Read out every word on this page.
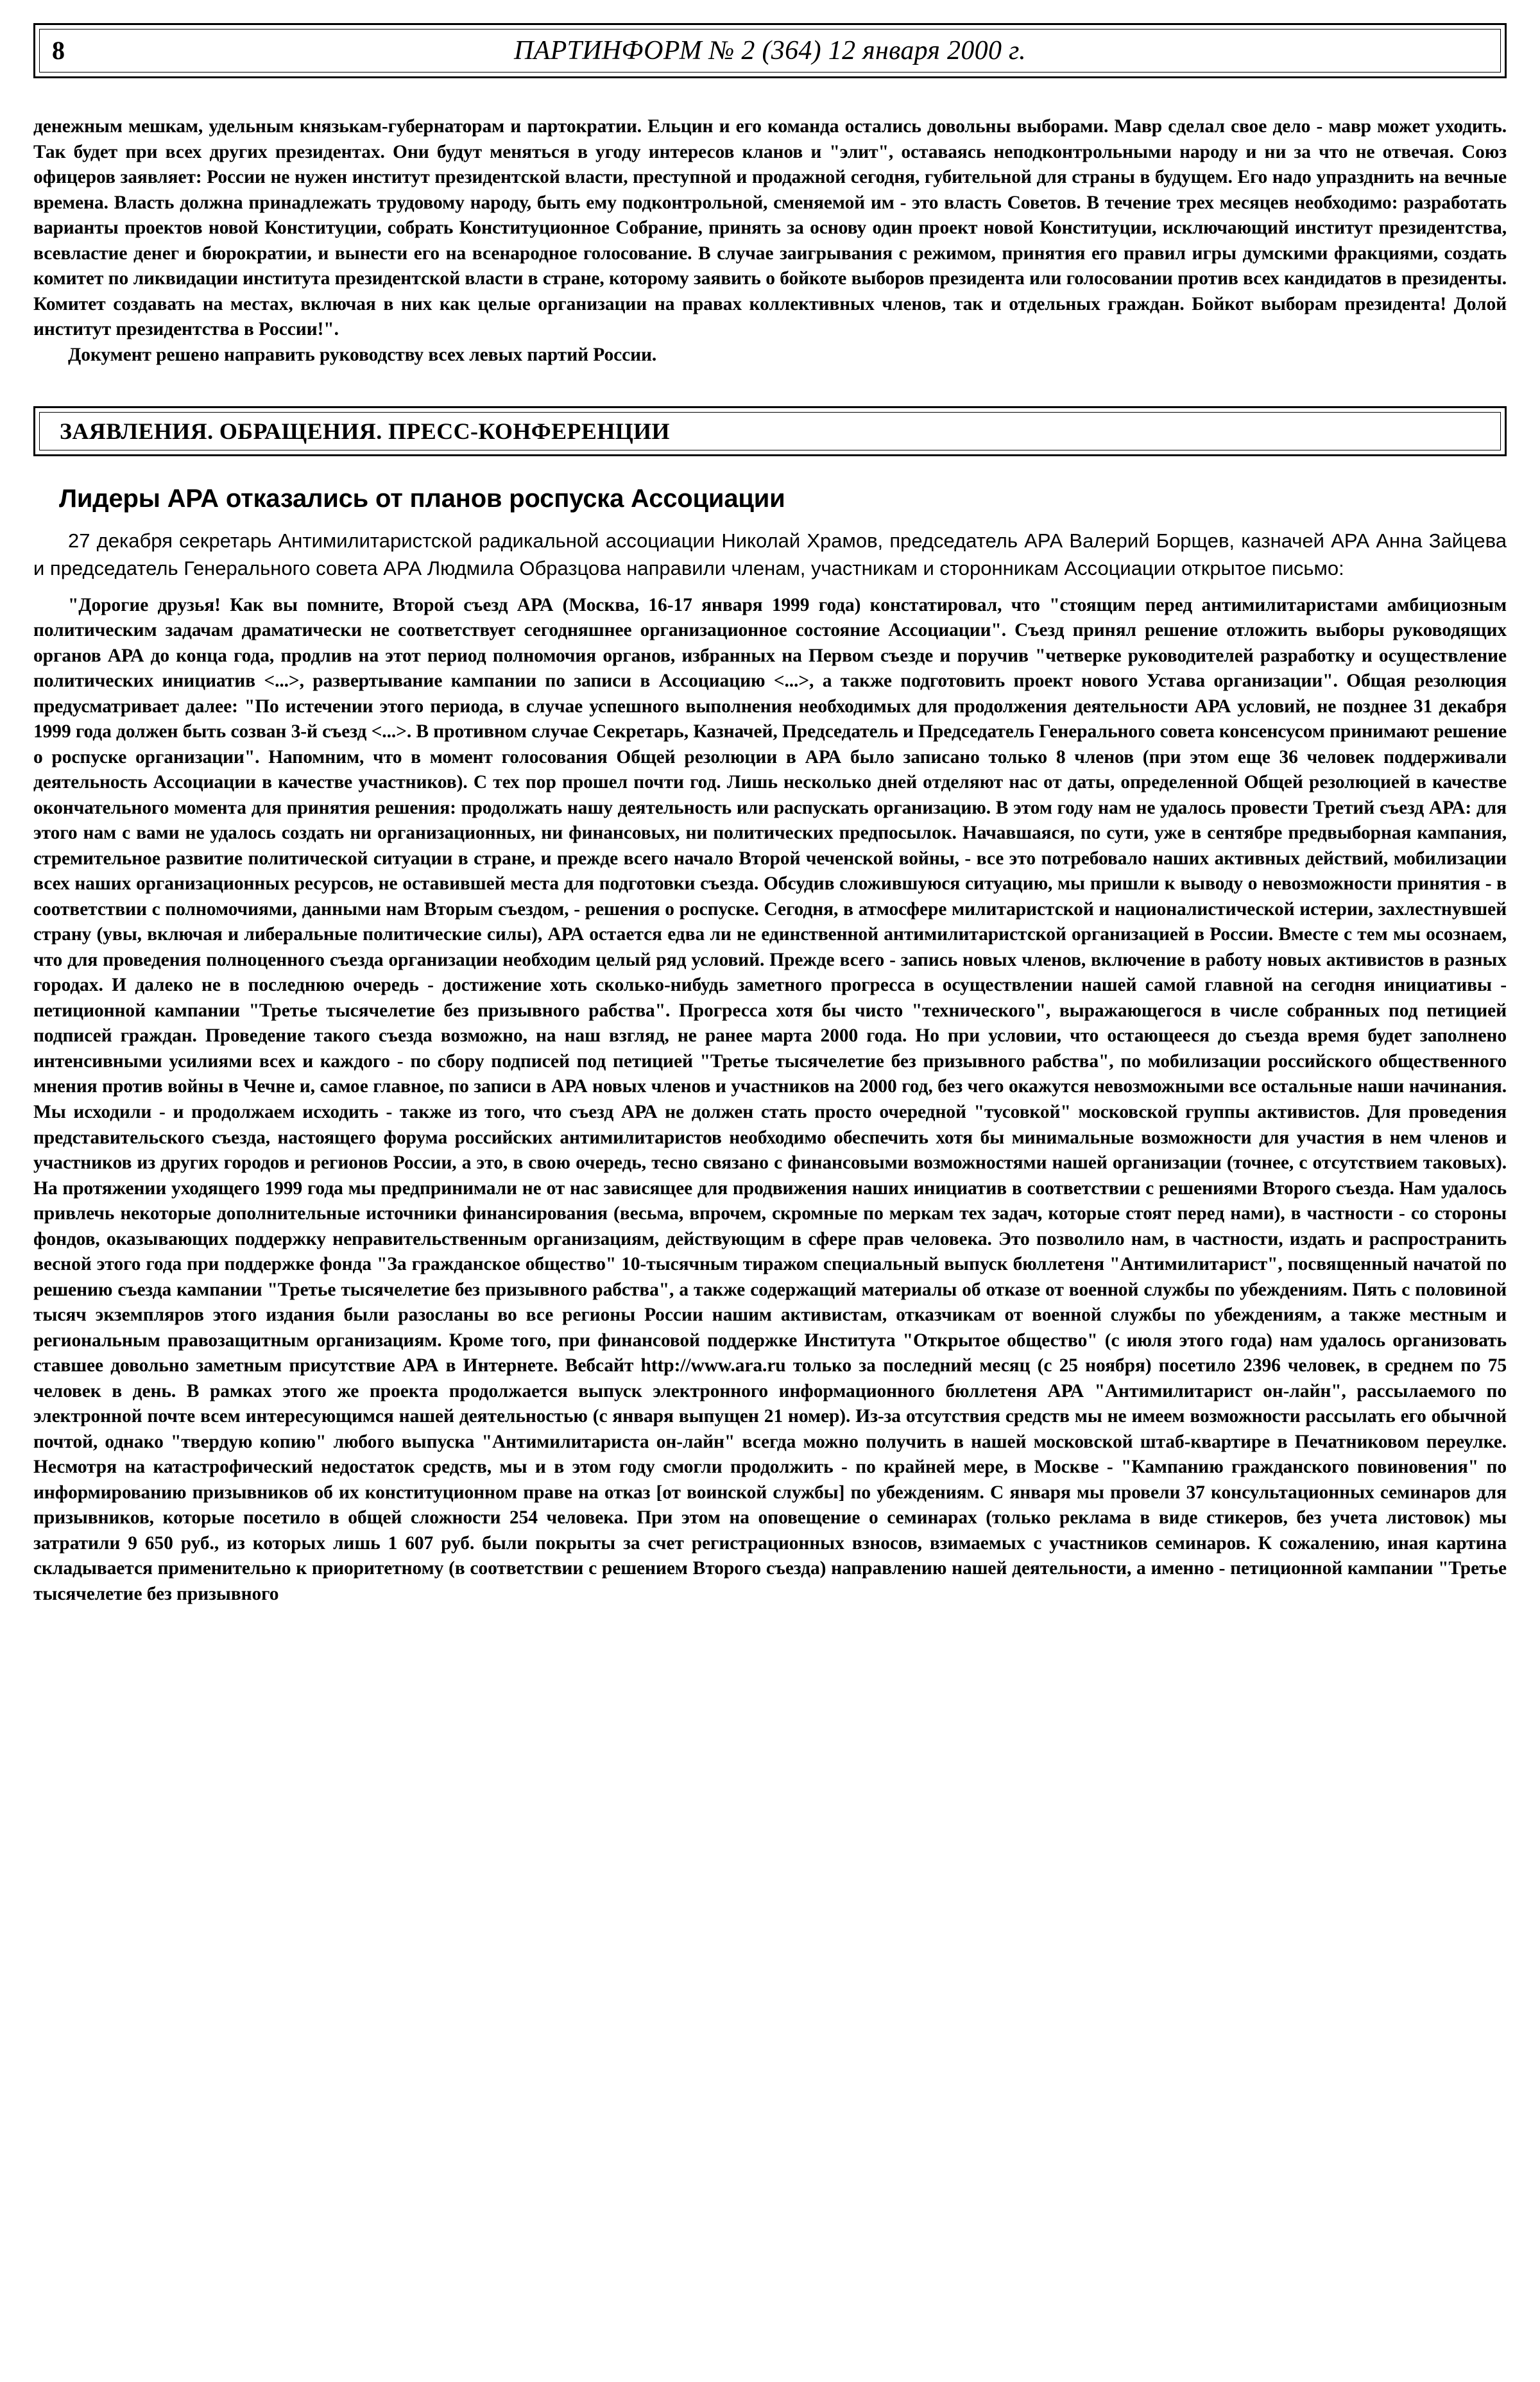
8	ПАРТИНФОРМ № 2 (364) 12 января 2000 г.

денежным мешкам, удельным князькам-губернаторам и партократии. Ельцин и его команда остались довольны выборами. Мавр сделал свое дело - мавр может уходить. Так будет при всех других президентах. Они будут меняться в угоду интересов кланов и "элит", оставаясь неподконтрольными народу и ни за что не отвечая. Союз офицеров заявляет: России не нужен институт президентской власти, преступной и продажной сегодня, губительной для страны в будущем. Его надо упразднить на вечные времена. Власть должна принадлежать трудовому народу, быть ему подконтрольной, сменяемой им - это власть Советов. В течение трех месяцев необходимо: разработать варианты проектов новой Конституции, собрать Конституционное Собрание, принять за основу один проект новой Конституции, исключающий институт президентства, всевластие денег и бюрократии, и вынести его на всенародное голосование. В случае заигрывания с режимом, принятия его правил игры думскими фракциями, создать комитет по ликвидации института президентской власти в стране, которому заявить о бойкоте выборов президента или голосовании против всех кандидатов в президенты. Комитет создавать на местах, включая в них как целые организации на правах коллективных членов, так и отдельных граждан. Бойкот выборам президента! Долой институт президентства в России!".

Документ решено направить руководству всех левых партий России.

ЗАЯВЛЕНИЯ. ОБРАЩЕНИЯ. ПРЕСС-КОНФЕРЕНЦИИ
Лидеры АРА отказались от планов роспуска Ассоциации

27 декабря секретарь Антимилитаристской радикальной ассоциации Николай Храмов, председатель АРА Валерий Борщев, казначей АРА Анна Зайцева и председатель Генерального совета АРА Людмила Образцова направили членам, участникам и сторонникам Ассоциации открытое письмо:

"Дорогие друзья! Как вы помните, Второй съезд АРА (Москва, 16-17 января 1999 года) констатировал, что "стоящим перед антимилитаристами амбициозным политическим задачам драматически не соответствует сегодняшнее организационное состояние Ассоциации". Съезд принял решение отложить выборы руководящих органов АРА до конца года, продлив на этот период полномочия органов, избранных на Первом съезде и поручив "четверке руководителей разработку и осуществление политических инициатив <...>, развертывание кампании по записи в Ассоциацию <...>, а также подготовить проект нового Устава организации". Общая резолюция предусматривает далее: "По истечении этого периода, в случае успешного выполнения необходимых для продолжения деятельности АРА условий, не позднее 31 декабря 1999 года должен быть созван 3-й съезд <...>. В противном случае Секретарь, Казначей, Председатель и Председатель Генерального совета консенсусом принимают решение о роспуске организации". Напомним, что в момент голосования Общей резолюции в АРА было записано только 8 членов (при этом еще 36 человек поддерживали деятельность Ассоциации в качестве участников). С тех пор прошел почти год. Лишь несколько дней отделяют нас от даты, определенной Общей резолюцией в качестве окончательного момента для принятия решения: продолжать нашу деятельность или распускать организацию. В этом году нам не удалось провести Третий съезд АРА: для этого нам с вами не удалось создать ни организационных, ни финансовых, ни политических предпосылок. Начавшаяся, по сути, уже в сентябре предвыборная кампания, стремительное развитие политической ситуации в стране, и прежде всего начало Второй чеченской войны, - все это потребовало наших активных действий, мобилизации всех наших организационных ресурсов, не оставившей места для подготовки съезда. Обсудив сложившуюся ситуацию, мы пришли к выводу о невозможности принятия - в соответствии с полномочиями, данными нам Вторым съездом, - решения о роспуске. Сегодня, в атмосфере милитаристской и националистической истерии, захлестнувшей страну (увы, включая и либеральные политические силы), АРА остается едва ли не единственной антимилитаристской организацией в России. Вместе с тем мы осознаем, что для проведения полноценного съезда организации необходим целый ряд условий. Прежде всего - запись новых членов, включение в работу новых активистов в разных городах. И далеко не в последнюю очередь - достижение хоть сколько-нибудь заметного прогресса в осуществлении нашей самой главной на сегодня инициативы - петиционной кампании "Третье тысячелетие без призывного рабства". Прогресса хотя бы чисто "технического", выражающегося в числе собранных под петицией подписей граждан. Проведение такого съезда возможно, на наш взгляд, не ранее марта 2000 года. Но при условии, что остающееся до съезда время будет заполнено интенсивными усилиями всех и каждого - по сбору подписей под петицией "Третье тысячелетие без призывного рабства", по мобилизации российского общественного мнения против войны в Чечне и, самое главное, по записи в АРА новых членов и участников на 2000 год, без чего окажутся невозможными все остальные наши начинания. Мы исходили - и продолжаем исходить - также из того, что съезд АРА не должен стать просто очередной "тусовкой" московской группы активистов. Для проведения представительского съезда, настоящего форума российских антимилитаристов необходимо обеспечить хотя бы минимальные возможности для участия в нем членов и участников из других городов и регионов России, а это, в свою очередь, тесно связано с финансовыми возможностями нашей организации (точнее, с отсутствием таковых). На протяжении уходящего 1999 года мы предпринимали не от нас зависящее для продвижения наших инициатив в соответствии с решениями Второго съезда. Нам удалось привлечь некоторые дополнительные источники финансирования (весьма, впрочем, скромные по меркам тех задач, которые стоят перед нами), в частности - со стороны фондов, оказывающих поддержку неправительственным организациям, действующим в сфере прав человека. Это позволило нам, в частности, издать и распространить весной этого года при поддержке фонда "За гражданское общество" 10-тысячным тиражом специальный выпуск бюллетеня "Антимилитарист", посвященный начатой по решению съезда кампании "Третье тысячелетие без призывного рабства", а также содержащий материалы об отказе от военной службы по убеждениям. Пять с половиной тысяч экземпляров этого издания были разосланы во все регионы России нашим активистам, отказчикам от военной службы по убеждениям, а также местным и региональным правозащитным организациям. Кроме того, при финансовой поддержке Института "Открытое общество" (с июля этого года) нам удалось организовать ставшее довольно заметным присутствие АРА в Интернете. Вебсайт http://www.ara.ru только за последний месяц (с 25 ноября) посетило 2396 человек, в среднем по 75 человек в день. В рамках этого же проекта продолжается выпуск электронного информационного бюллетеня АРА "Антимилитарист он-лайн", рассылаемого по электронной почте всем интересующимся нашей деятельностью (с января выпущен 21 номер). Из-за отсутствия средств мы не имеем возможности рассылать его обычной почтой, однако "твердую копию" любого выпуска "Антимилитариста он-лайн" всегда можно получить в нашей московской штаб-квартире в Печатниковом переулке. Несмотря на катастрофический недостаток средств, мы и в этом году смогли продолжить - по крайней мере, в Москве - "Кампанию гражданского повиновения" по информированию призывников об их конституционном праве на отказ [от воинской службы] по убеждениям. С января мы провели 37 консультационных семинаров для призывников, которые посетило в общей сложности 254 человека. При этом на оповещение о семинарах (только реклама в виде стикеров, без учета листовок) мы затратили 9 650 руб., из которых лишь 1 607 руб. были покрыты за счет регистрационных взносов, взимаемых с участников семинаров. К сожалению, иная картина складывается применительно к приоритетному (в соответствии с решением Второго съезда) направлению нашей деятельности, а именно - петиционной кампании "Третье тысячелетие без призывного
